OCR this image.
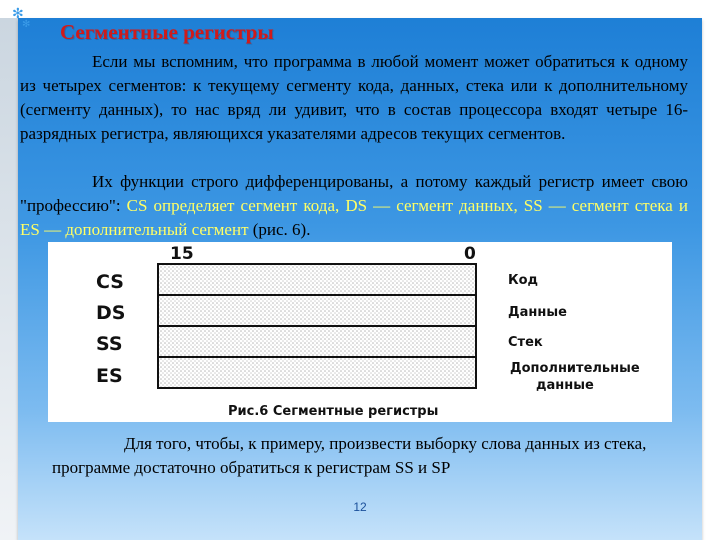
✻
✻ Сегментные регистры

Если мы вспомним, что программа в любой момент может обратиться к одному из четырех сегментов: к текущему сегменту кода, данных, стека или к дополнительному (сегменту данных), то нас вряд ли удивит, что в состав процессора входят четыре 16-разрядных регистра, являющихся указателями адресов текущих сегментов.

Их функции строго дифференцированы, а потому каждый регистр имеет свою "профессию": CS определяет сегмент кода, DS — сегмент данных, SS — сегмент стека и ES — дополнительный сегмент (рис. 6).

15	0
CS	Код
DS	Данные
SS	Стек
ES	Дополнительные
данные
Рис.6 Сегментные регистры

Для того, чтобы, к примеру, произвести выборку слова данных из стека, программе достаточно обратиться к регистрам SS и SP

12
